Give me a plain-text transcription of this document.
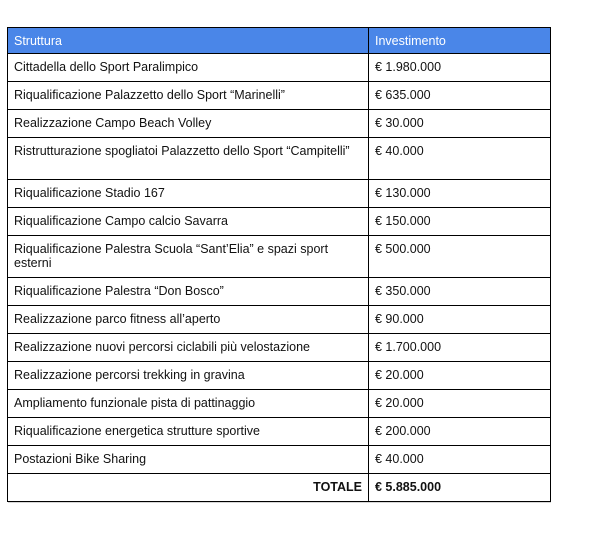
Struttura	Investimento
Cittadella dello Sport Paralimpico	€ 1.980.000
Riqualificazione Palazzetto dello Sport “Marinelli”	€ 635.000
Realizzazione Campo Beach Volley	€ 30.000
Ristrutturazione spogliatoi Palazzetto dello Sport “Campitelli”	€ 40.000
Riqualificazione Stadio 167	€ 130.000
Riqualificazione Campo calcio Savarra	€ 150.000
Riqualificazione Palestra Scuola “Sant’Elia” e spazi sport esterni	€ 500.000
Riqualificazione Palestra “Don Bosco”	€ 350.000
Realizzazione parco fitness all’aperto	€ 90.000
Realizzazione nuovi percorsi ciclabili più velostazione	€ 1.700.000
Realizzazione percorsi trekking in gravina	€ 20.000
Ampliamento funzionale pista di pattinaggio	€ 20.000
Riqualificazione energetica strutture sportive	€ 200.000
Postazioni Bike Sharing	€ 40.000
TOTALE	€ 5.885.000
